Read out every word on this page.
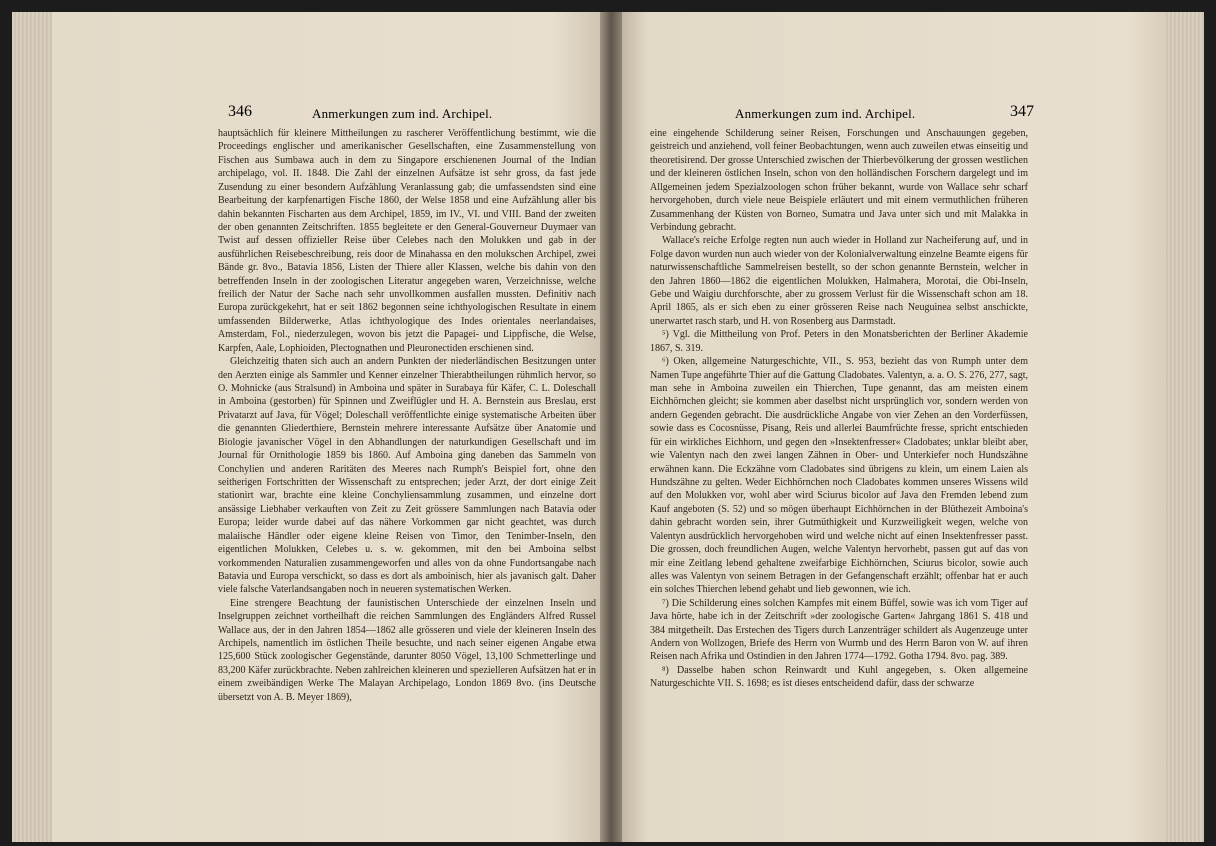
346	Anmerkungen zum ind. Archipel.

hauptsächlich für kleinere Mittheilungen zu rascherer Veröffentlichung bestimmt, wie die Proceedings englischer und amerikanischer Gesellschaften, eine Zusammenstellung von Fischen aus Sumbawa auch in dem zu Singapore erschienenen Journal of the Indian archipelago, vol. II. 1848. Die Zahl der einzelnen Aufsätze ist sehr gross, da fast jede Zusendung zu einer besondern Aufzählung Veranlassung gab; die umfassendsten sind eine Bearbeitung der karpfenartigen Fische 1860, der Welse 1858 und eine Aufzählung aller bis dahin bekannten Fischarten aus dem Archipel, 1859, im IV., VI. und VIII. Band der zweiten der oben genannten Zeitschriften. 1855 begleitete er den General-Gouverneur Duymaer van Twist auf dessen offizieller Reise über Celebes nach den Molukken und gab in der ausführlichen Reisebeschreibung, reis door de Minahassa en den molukschen Archipel, zwei Bände gr. 8vo., Batavia 1856, Listen der Thiere aller Klassen, welche bis dahin von den betreffenden Inseln in der zoologischen Literatur angegeben waren, Verzeichnisse, welche freilich der Natur der Sache nach sehr unvollkommen ausfallen mussten. Definitiv nach Europa zurückgekehrt, hat er seit 1862 begonnen seine ichthyologischen Resultate in einem umfassenden Bilderwerke, Atlas ichthyologique des Indes orientales neerlandaises, Amsterdam, Fol., niederzulegen, wovon bis jetzt die Papagei- und Lippfische, die Welse, Karpfen, Aale, Lophioiden, Plectognathen und Pleuronectiden erschienen sind.

Gleichzeitig thaten sich auch an andern Punkten der niederländischen Besitzungen unter den Aerzten einige als Sammler und Kenner einzelner Thierabtheilungen rühmlich hervor, so O. Mohnicke (aus Stralsund) in Amboina und später in Surabaya für Käfer, C. L. Doleschall in Amboina (gestorben) für Spinnen und Zweiflügler und H. A. Bernstein aus Breslau, erst Privatarzt auf Java, für Vögel; Doleschall veröffentlichte einige systematische Arbeiten über die genannten Gliederthiere, Bernstein mehrere interessante Aufsätze über Anatomie und Biologie javanischer Vögel in den Abhandlungen der naturkundigen Gesellschaft und im Journal für Ornithologie 1859 bis 1860. Auf Amboina ging daneben das Sammeln von Conchylien und anderen Raritäten des Meeres nach Rumph's Beispiel fort, ohne den seitherigen Fortschritten der Wissenschaft zu entsprechen; jeder Arzt, der dort einige Zeit stationirt war, brachte eine kleine Conchyliensammlung zusammen, und einzelne dort ansässige Liebhaber verkauften von Zeit zu Zeit grössere Sammlungen nach Batavia oder Europa; leider wurde dabei auf das nähere Vorkommen gar nicht geachtet, was durch malaiische Händler oder eigene kleine Reisen von Timor, den Tenimber-Inseln, den eigentlichen Molukken, Celebes u. s. w. gekommen, mit den bei Amboina selbst vorkommenden Naturalien zusammengeworfen und alles von da ohne Fundortsangabe nach Batavia und Europa verschickt, so dass es dort als amboinisch, hier als javanisch galt. Daher viele falsche Vaterlandsangaben noch in neueren systematischen Werken.

Eine strengere Beachtung der faunistischen Unterschiede der einzelnen Inseln und Inselgruppen zeichnet vortheilhaft die reichen Sammlungen des Engländers Alfred Russel Wallace aus, der in den Jahren 1854—1862 alle grösseren und viele der kleineren Inseln des Archipels, namentlich im östlichen Theile besuchte, und nach seiner eigenen Angabe etwa 125,600 Stück zoologischer Gegenstände, darunter 8050 Vögel, 13,100 Schmetterlinge und 83,200 Käfer zurückbrachte. Neben zahlreichen kleineren und spezielleren Aufsätzen hat er in einem zweibändigen Werke The Malayan Archipelago, London 1869 8vo. (ins Deutsche übersetzt von A. B. Meyer 1869),

Anmerkungen zum ind. Archipel.	347

eine eingehende Schilderung seiner Reisen, Forschungen und Anschauungen gegeben, geistreich und anziehend, voll feiner Beobachtungen, wenn auch zuweilen etwas einseitig und theoretisirend. Der grosse Unterschied zwischen der Thierbevölkerung der grossen westlichen und der kleineren östlichen Inseln, schon von den holländischen Forschern dargelegt und im Allgemeinen jedem Spezialzoologen schon früher bekannt, wurde von Wallace sehr scharf hervorgehoben, durch viele neue Beispiele erläutert und mit einem vermuthlichen früheren Zusammenhang der Küsten von Borneo, Sumatra und Java unter sich und mit Malakka in Verbindung gebracht.

Wallace's reiche Erfolge regten nun auch wieder in Holland zur Nacheiferung auf, und in Folge davon wurden nun auch wieder von der Kolonialverwaltung einzelne Beamte eigens für naturwissenschaftliche Sammelreisen bestellt, so der schon genannte Bernstein, welcher in den Jahren 1860—1862 die eigentlichen Molukken, Halmahera, Morotai, die Obi-Inseln, Gebe und Waigiu durchforschte, aber zu grossem Verlust für die Wissenschaft schon am 18. April 1865, als er sich eben zu einer grösseren Reise nach Neuguinea selbst anschickte, unerwartet rasch starb, und H. von Rosenberg aus Darmstadt.

⁵) Vgl. die Mittheilung von Prof. Peters in den Monatsberichten der Berliner Akademie 1867, S. 319.

⁶) Oken, allgemeine Naturgeschichte, VII., S. 953, bezieht das von Rumph unter dem Namen Tupe angeführte Thier auf die Gattung Cladobates. Valentyn, a. a. O. S. 276, 277, sagt, man sehe in Amboina zuweilen ein Thierchen, Tupe genannt, das am meisten einem Eichhörnchen gleicht; sie kommen aber daselbst nicht ursprünglich vor, sondern werden von andern Gegenden gebracht. Die ausdrückliche Angabe von vier Zehen an den Vorderfüssen, sowie dass es Cocosnüsse, Pisang, Reis und allerlei Baumfrüchte fresse, spricht entschieden für ein wirkliches Eichhorn, und gegen den »Insektenfresser« Cladobates; unklar bleibt aber, wie Valentyn nach den zwei langen Zähnen in Ober- und Unterkiefer noch Hundszähne erwähnen kann. Die Eckzähne vom Cladobates sind übrigens zu klein, um einem Laien als Hundszähne zu gelten. Weder Eichhörnchen noch Cladobates kommen unseres Wissens wild auf den Molukken vor, wohl aber wird Sciurus bicolor auf Java den Fremden lebend zum Kauf angeboten (S. 52) und so mögen überhaupt Eichhörnchen in der Blüthezeit Amboina's dahin gebracht worden sein, ihrer Gutmüthigkeit und Kurzweiligkeit wegen, welche von Valentyn ausdrücklich hervorgehoben wird und welche nicht auf einen Insektenfresser passt. Die grossen, doch freundlichen Augen, welche Valentyn hervorhebt, passen gut auf das von mir eine Zeitlang lebend gehaltene zweifarbige Eichhörnchen, Sciurus bicolor, sowie auch alles was Valentyn von seinem Betragen in der Gefangenschaft erzählt; offenbar hat er auch ein solches Thierchen lebend gehabt und lieb gewonnen, wie ich.

⁷) Die Schilderung eines solchen Kampfes mit einem Büffel, sowie was ich vom Tiger auf Java hörte, habe ich in der Zeitschrift »der zoologische Garten« Jahrgang 1861 S. 418 und 384 mitgetheilt. Das Erstechen des Tigers durch Lanzenträger schildert als Augenzeuge unter Andern von Wollzogen, Briefe des Herrn von Wurmb und des Herrn Baron von W. auf ihren Reisen nach Afrika und Ostindien in den Jahren 1774—1792. Gotha 1794. 8vo. pag. 389.

⁸) Dasselbe haben schon Reinwardt und Kuhl angegeben, s. Oken allgemeine Naturgeschichte VII. S. 1698; es ist dieses entscheidend dafür, dass der schwarze
